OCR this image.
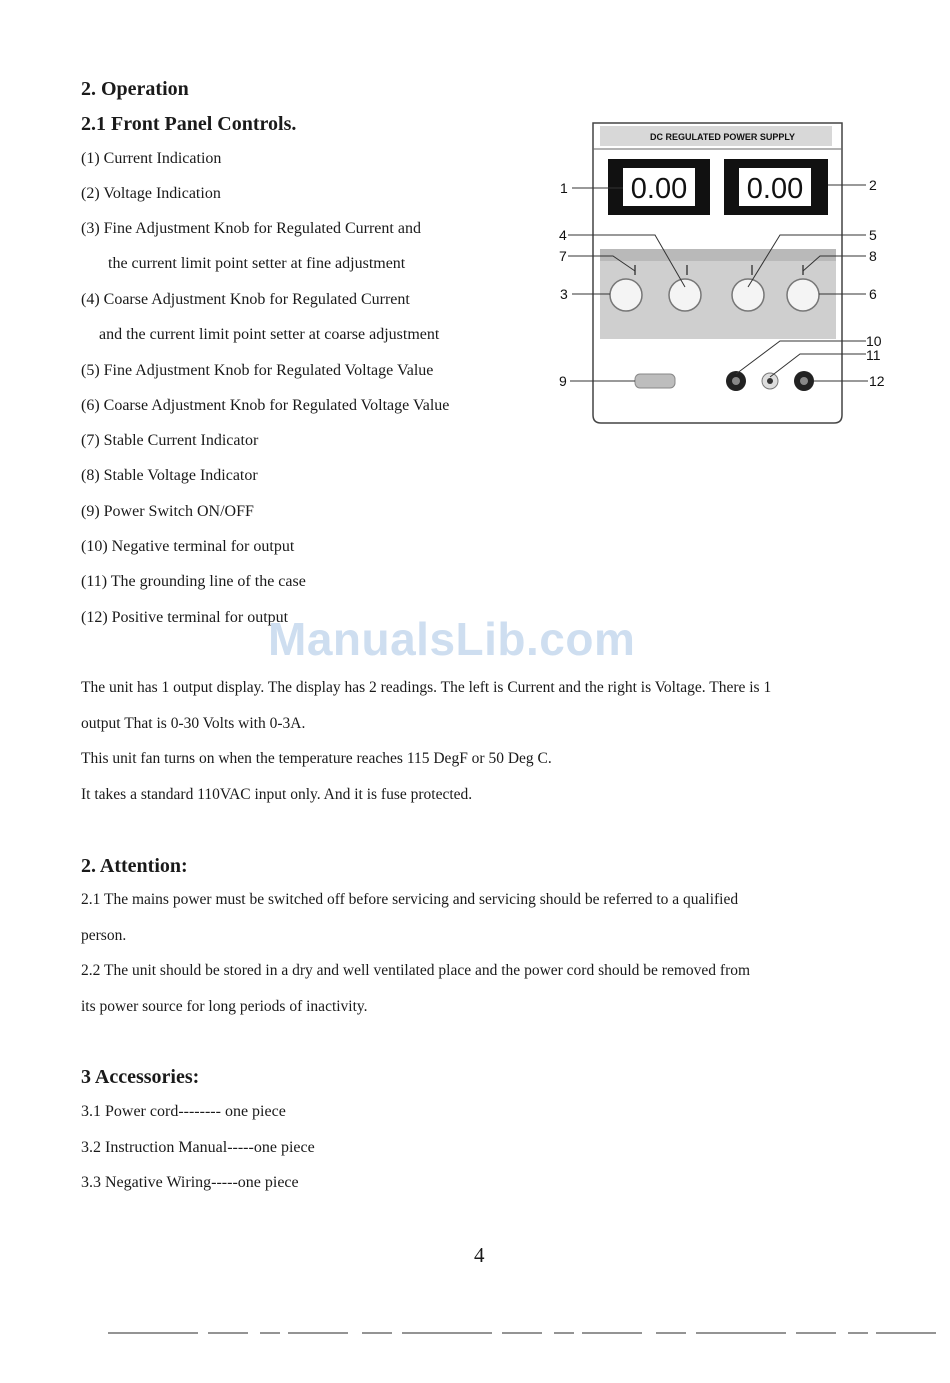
2. Operation
2.1 Front Panel Controls.
(1) Current Indication
(2) Voltage Indication
(3) Fine Adjustment Knob for Regulated Current and
the current limit point setter at fine adjustment
(4) Coarse Adjustment Knob for Regulated Current
and the current limit point setter at coarse adjustment
(5) Fine Adjustment Knob for Regulated Voltage Value
(6) Coarse Adjustment Knob for Regulated Voltage Value
(7) Stable Current Indicator
(8) Stable Voltage Indicator
(9) Power Switch ON/OFF
(10) Negative terminal for output
(11) The grounding line of the case
(12) Positive terminal for output
DC REGULATED POWER SUPPLY
0.00 0.00
1	2
4	5
7	8
3	6
10
11
9	12
ManualsLib.com
The unit has 1 output display. The display has 2 readings. The left is Current and the right is Voltage. There is 1
output That is 0-30 Volts with 0-3A.
This unit fan turns on when the temperature reaches 115 DegF or 50 Deg C.
It takes a standard 110VAC input only. And it is fuse protected.
2. Attention:
2.1 The mains power must be switched off before servicing and servicing should be referred to a qualified
person.
2.2 The unit should be stored in a dry and well ventilated place and the power cord should be removed from
its power source for long periods of inactivity.
3 Accessories:
3.1 Power cord-------- one piece
3.2 Instruction Manual-----one piece
3.3 Negative Wiring-----one piece
4
